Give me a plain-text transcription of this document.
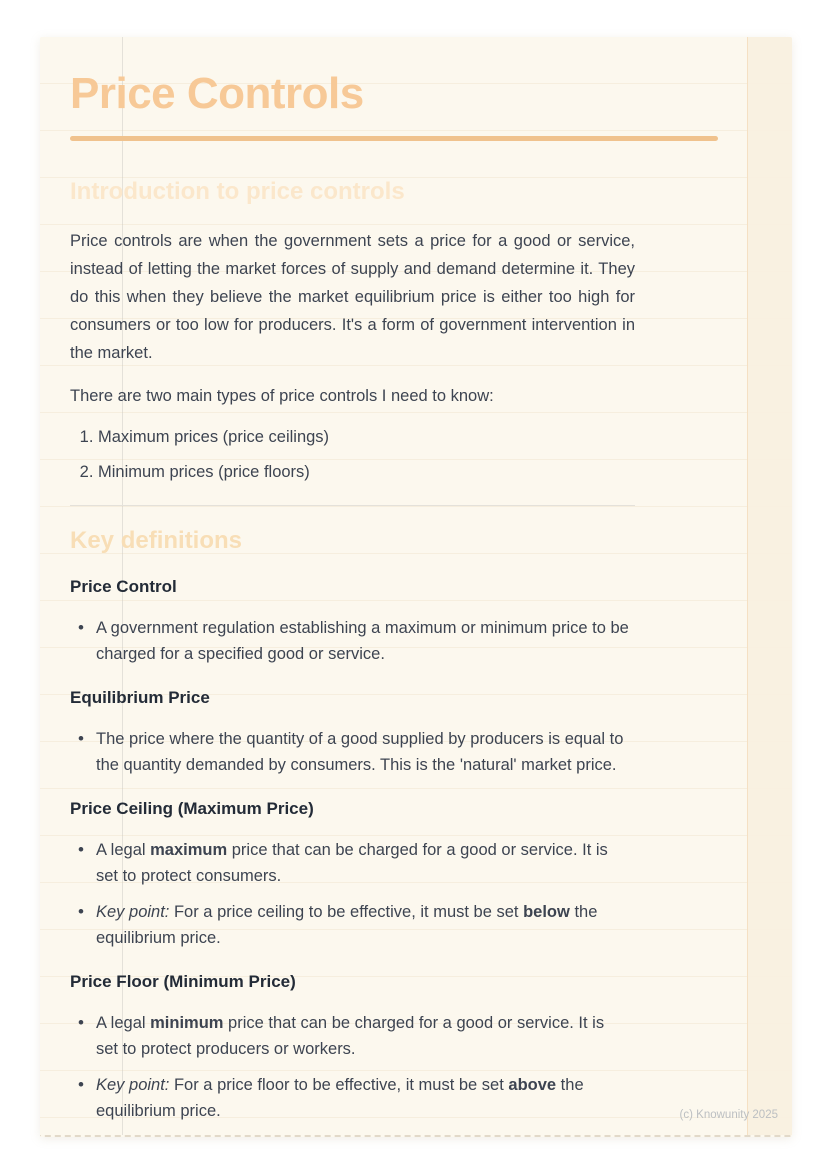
Price Controls
Introduction to price controls

Price controls are when the government sets a price for a good or service, instead of letting the market forces of supply and demand determine it. They do this when they believe the market equilibrium price is either too high for consumers or too low for producers. It's a form of government intervention in the market.

There are two main types of price controls I need to know:

1. Maximum prices (price ceilings)
2. Minimum prices (price floors)
Key definitions
Price Control
• A government regulation establishing a maximum or minimum price to be charged for a specified good or service.
Equilibrium Price
• The price where the quantity of a good supplied by producers is equal to the quantity demanded by consumers. This is the 'natural' market price.
Price Ceiling (Maximum Price)
• A legal maximum price that can be charged for a good or service. It is set to protect consumers.
• Key point: For a price ceiling to be effective, it must be set below the equilibrium price.
Price Floor (Minimum Price)
• A legal minimum price that can be charged for a good or service. It is set to protect producers or workers.
• Key point: For a price floor to be effective, it must be set above the equilibrium price.	(c) Knowunity 2025
